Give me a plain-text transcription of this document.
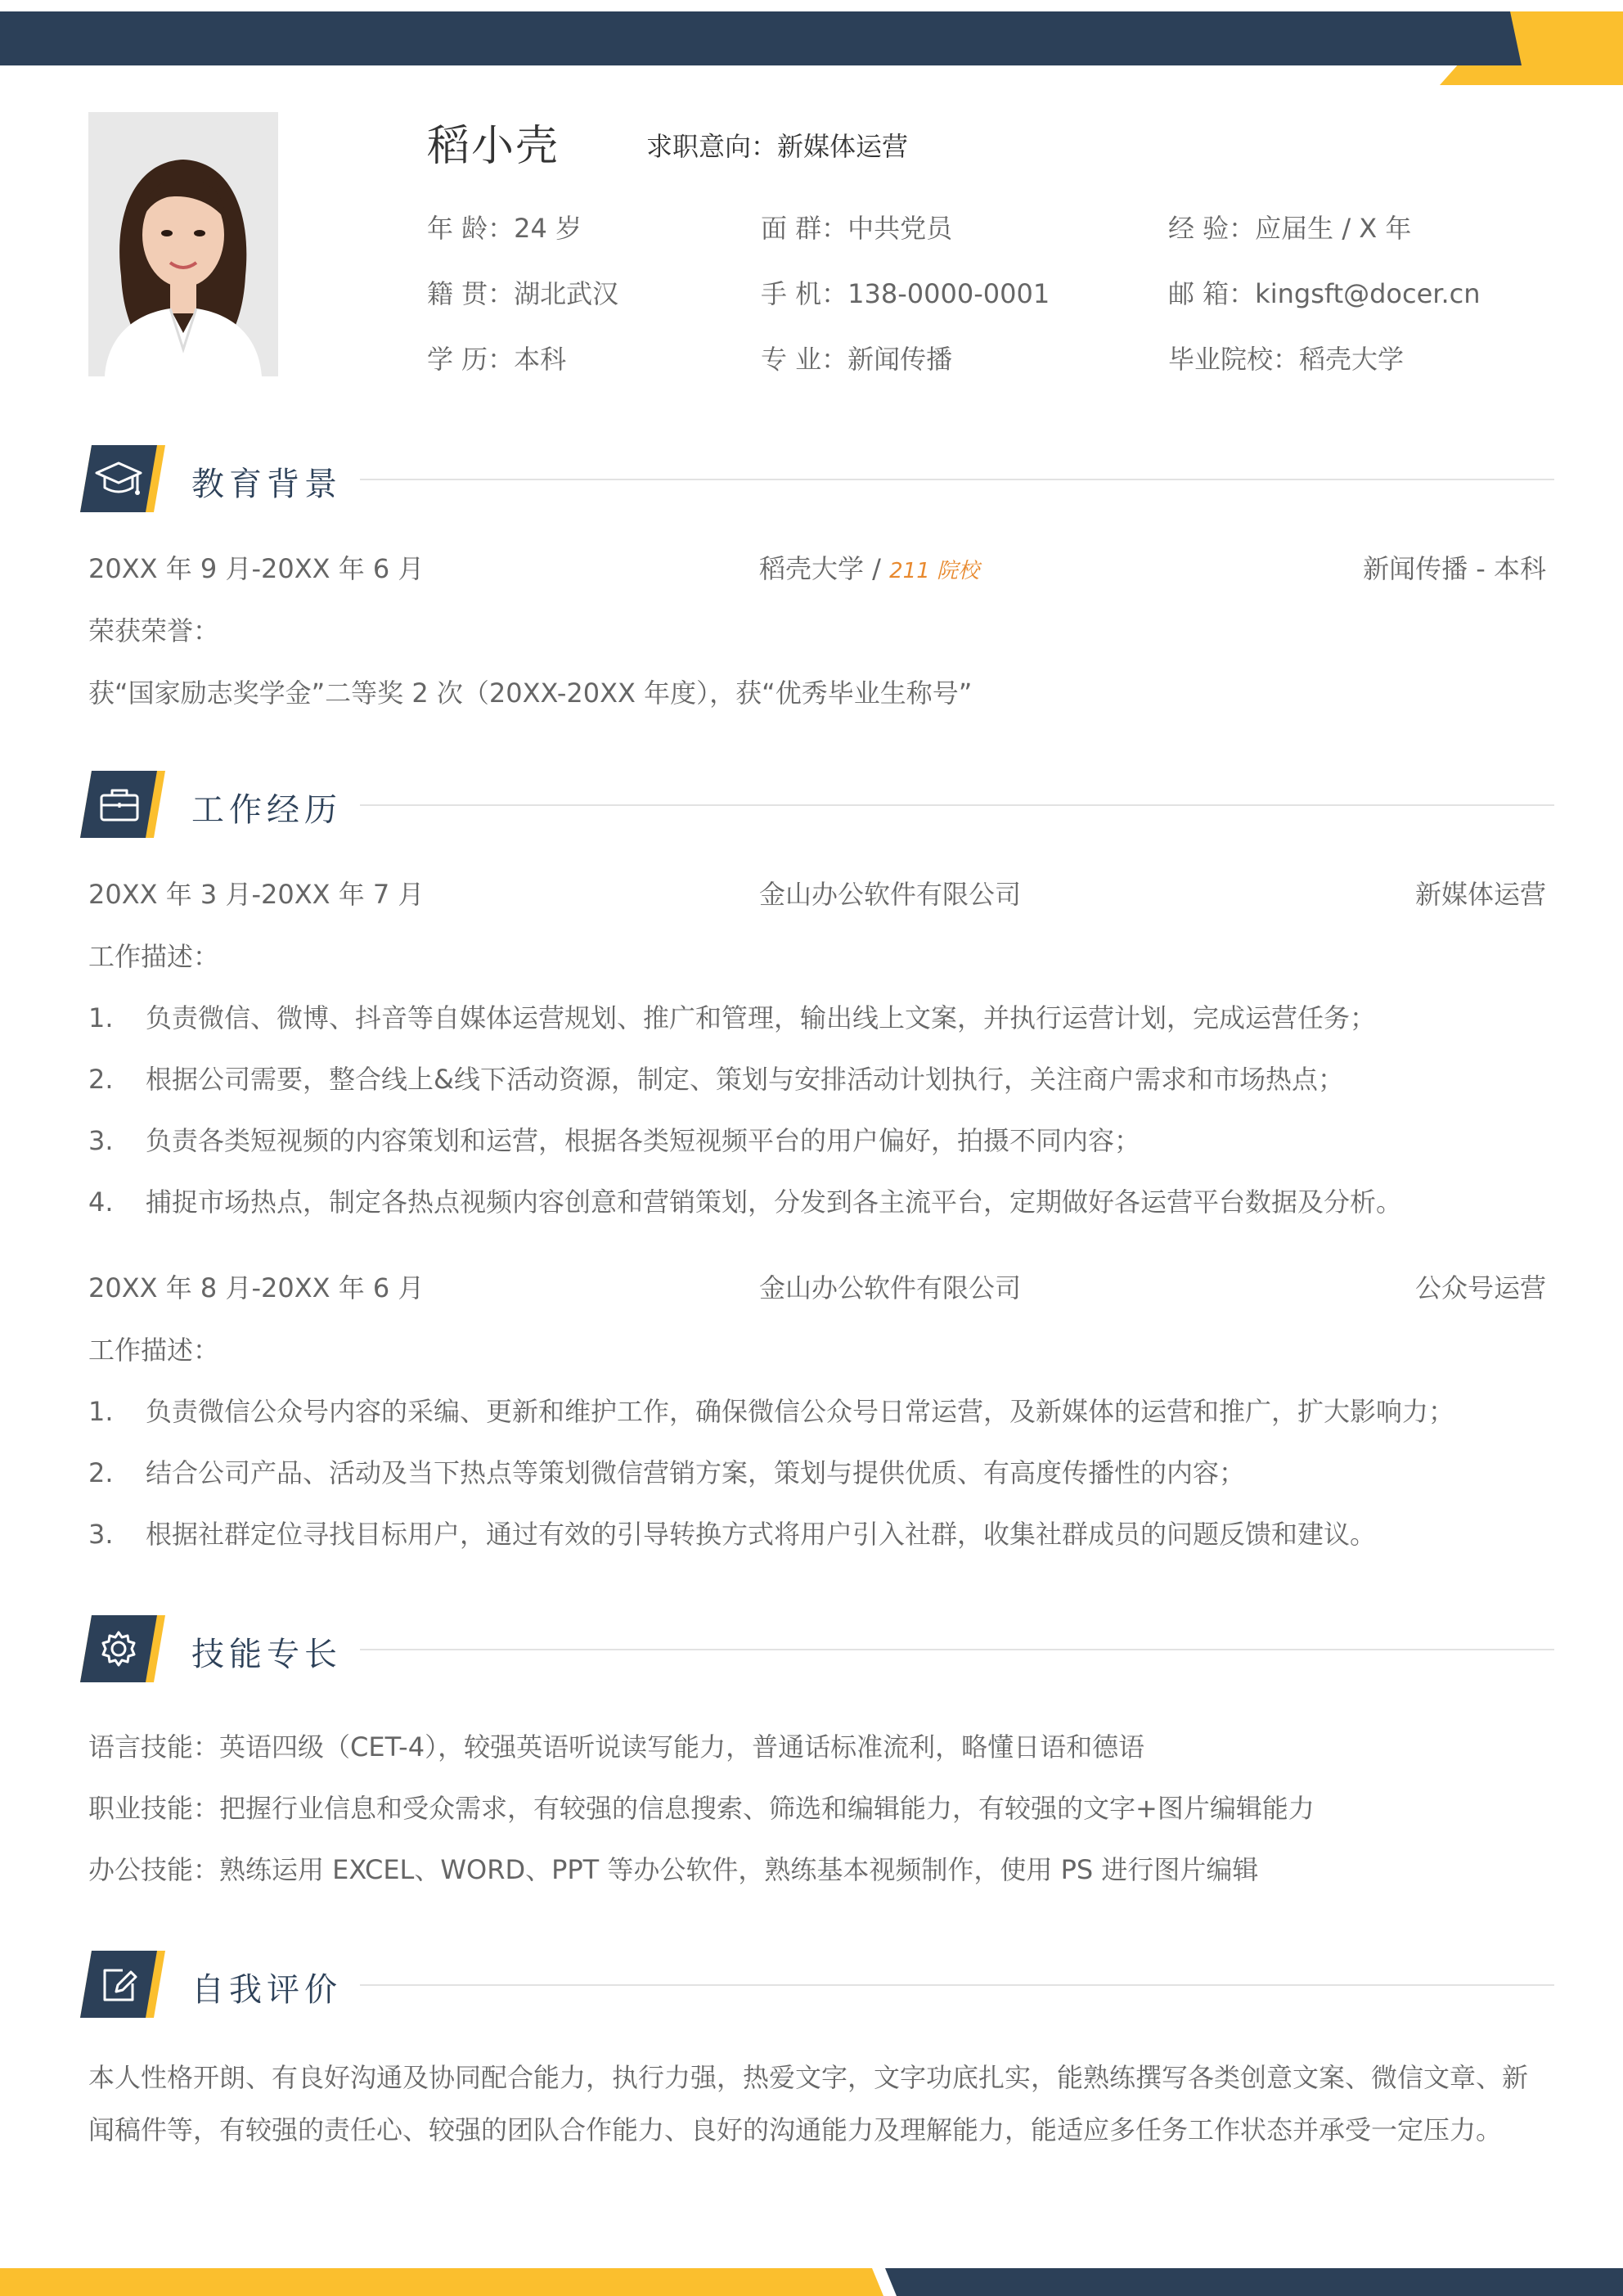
稻小壳	求职意向：新媒体运营
年 龄：24 岁	面 群：中共党员	经 验：应届生 / X 年
籍 贯：湖北武汉	手 机：138-0000-0001	邮 箱：kingsft@docer.cn
学 历：本科	专 业：新闻传播	毕业院校：稻壳大学
教育背景
20XX 年 9 月-20XX 年 6 月	稻壳大学 / 211 院校	新闻传播 - 本科
荣获荣誉：
获“国家励志奖学金”二等奖 2 次（20XX-20XX 年度），获“优秀毕业生称号”
工作经历
20XX 年 3 月-20XX 年 7 月	金山办公软件有限公司	新媒体运营
工作描述：
1. 负责微信、微博、抖音等自媒体运营规划、推广和管理，输出线上文案，并执行运营计划，完成运营任务；
2. 根据公司需要，整合线上&线下活动资源，制定、策划与安排活动计划执行，关注商户需求和市场热点；
3. 负责各类短视频的内容策划和运营，根据各类短视频平台的用户偏好，拍摄不同内容；
4. 捕捉市场热点，制定各热点视频内容创意和营销策划，分发到各主流平台，定期做好各运营平台数据及分析。
20XX 年 8 月-20XX 年 6 月	金山办公软件有限公司	公众号运营
工作描述：
1. 负责微信公众号内容的采编、更新和维护工作，确保微信公众号日常运营，及新媒体的运营和推广，扩大影响力；
2. 结合公司产品、活动及当下热点等策划微信营销方案，策划与提供优质、有高度传播性的内容；
3. 根据社群定位寻找目标用户，通过有效的引导转换方式将用户引入社群，收集社群成员的问题反馈和建议。
技能专长
语言技能：英语四级（CET-4），较强英语听说读写能力，普通话标准流利，略懂日语和德语
职业技能：把握行业信息和受众需求，有较强的信息搜索、筛选和编辑能力，有较强的文字+图片编辑能力
办公技能：熟练运用 EXCEL、WORD、PPT 等办公软件，熟练基本视频制作，使用 PS 进行图片编辑
自我评价
本人性格开朗、有良好沟通及协同配合能力，执行力强，热爱文字，文字功底扎实，能熟练撰写各类创意文案、微信文章、新闻稿件等，有较强的责任心、较强的团队合作能力、良好的沟通能力及理解能力，能适应多任务工作状态并承受一定压力。
